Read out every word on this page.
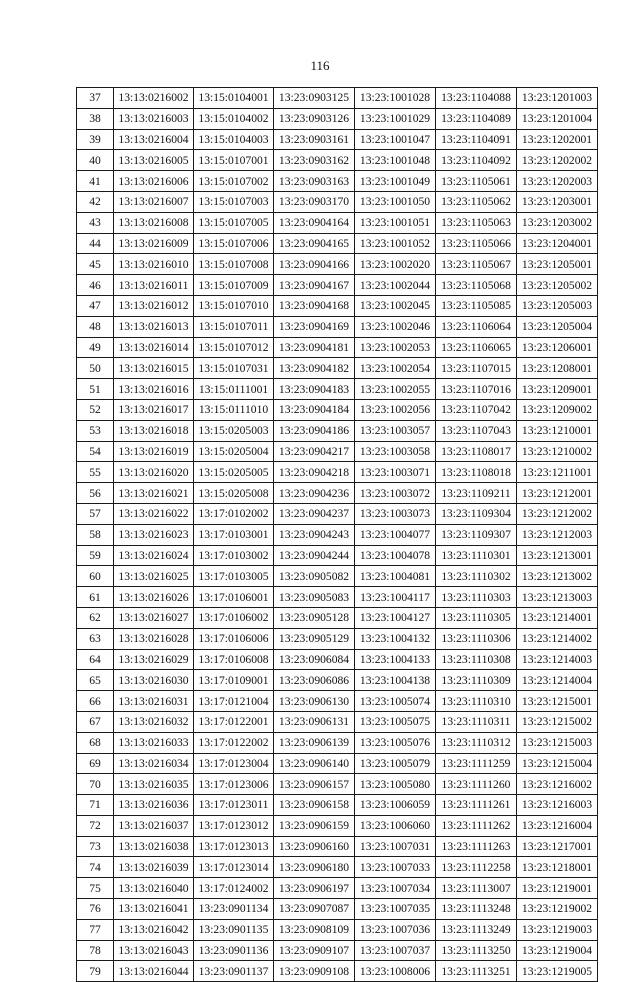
116
37	13:13:0216002	13:15:0104001	13:23:0903125	13:23:1001028	13:23:1104088	13:23:1201003
38	13:13:0216003	13:15:0104002	13:23:0903126	13:23:1001029	13:23:1104089	13:23:1201004
39	13:13:0216004	13:15:0104003	13:23:0903161	13:23:1001047	13:23:1104091	13:23:1202001
40	13:13:0216005	13:15:0107001	13:23:0903162	13:23:1001048	13:23:1104092	13:23:1202002
41	13:13:0216006	13:15:0107002	13:23:0903163	13:23:1001049	13:23:1105061	13:23:1202003
42	13:13:0216007	13:15:0107003	13:23:0903170	13:23:1001050	13:23:1105062	13:23:1203001
43	13:13:0216008	13:15:0107005	13:23:0904164	13:23:1001051	13:23:1105063	13:23:1203002
44	13:13:0216009	13:15:0107006	13:23:0904165	13:23:1001052	13:23:1105066	13:23:1204001
45	13:13:0216010	13:15:0107008	13:23:0904166	13:23:1002020	13:23:1105067	13:23:1205001
46	13:13:0216011	13:15:0107009	13:23:0904167	13:23:1002044	13:23:1105068	13:23:1205002
47	13:13:0216012	13:15:0107010	13:23:0904168	13:23:1002045	13:23:1105085	13:23:1205003
48	13:13:0216013	13:15:0107011	13:23:0904169	13:23:1002046	13:23:1106064	13:23:1205004
49	13:13:0216014	13:15:0107012	13:23:0904181	13:23:1002053	13:23:1106065	13:23:1206001
50	13:13:0216015	13:15:0107031	13:23:0904182	13:23:1002054	13:23:1107015	13:23:1208001
51	13:13:0216016	13:15:0111001	13:23:0904183	13:23:1002055	13:23:1107016	13:23:1209001
52	13:13:0216017	13:15:0111010	13:23:0904184	13:23:1002056	13:23:1107042	13:23:1209002
53	13:13:0216018	13:15:0205003	13:23:0904186	13:23:1003057	13:23:1107043	13:23:1210001
54	13:13:0216019	13:15:0205004	13:23:0904217	13:23:1003058	13:23:1108017	13:23:1210002
55	13:13:0216020	13:15:0205005	13:23:0904218	13:23:1003071	13:23:1108018	13:23:1211001
56	13:13:0216021	13:15:0205008	13:23:0904236	13:23:1003072	13:23:1109211	13:23:1212001
57	13:13:0216022	13:17:0102002	13:23:0904237	13:23:1003073	13:23:1109304	13:23:1212002
58	13:13:0216023	13:17:0103001	13:23:0904243	13:23:1004077	13:23:1109307	13:23:1212003
59	13:13:0216024	13:17:0103002	13:23:0904244	13:23:1004078	13:23:1110301	13:23:1213001
60	13:13:0216025	13:17:0103005	13:23:0905082	13:23:1004081	13:23:1110302	13:23:1213002
61	13:13:0216026	13:17:0106001	13:23:0905083	13:23:1004117	13:23:1110303	13:23:1213003
62	13:13:0216027	13:17:0106002	13:23:0905128	13:23:1004127	13:23:1110305	13:23:1214001
63	13:13:0216028	13:17:0106006	13:23:0905129	13:23:1004132	13:23:1110306	13:23:1214002
64	13:13:0216029	13:17:0106008	13:23:0906084	13:23:1004133	13:23:1110308	13:23:1214003
65	13:13:0216030	13:17:0109001	13:23:0906086	13:23:1004138	13:23:1110309	13:23:1214004
66	13:13:0216031	13:17:0121004	13:23:0906130	13:23:1005074	13:23:1110310	13:23:1215001
67	13:13:0216032	13:17:0122001	13:23:0906131	13:23:1005075	13:23:1110311	13:23:1215002
68	13:13:0216033	13:17:0122002	13:23:0906139	13:23:1005076	13:23:1110312	13:23:1215003
69	13:13:0216034	13:17:0123004	13:23:0906140	13:23:1005079	13:23:1111259	13:23:1215004
70	13:13:0216035	13:17:0123006	13:23:0906157	13:23:1005080	13:23:1111260	13:23:1216002
71	13:13:0216036	13:17:0123011	13:23:0906158	13:23:1006059	13:23:1111261	13:23:1216003
72	13:13:0216037	13:17:0123012	13:23:0906159	13:23:1006060	13:23:1111262	13:23:1216004
73	13:13:0216038	13:17:0123013	13:23:0906160	13:23:1007031	13:23:1111263	13:23:1217001
74	13:13:0216039	13:17:0123014	13:23:0906180	13:23:1007033	13:23:1112258	13:23:1218001
75	13:13:0216040	13:17:0124002	13:23:0906197	13:23:1007034	13:23:1113007	13:23:1219001
76	13:13:0216041	13:23:0901134	13:23:0907087	13:23:1007035	13:23:1113248	13:23:1219002
77	13:13:0216042	13:23:0901135	13:23:0908109	13:23:1007036	13:23:1113249	13:23:1219003
78	13:13:0216043	13:23:0901136	13:23:0909107	13:23:1007037	13:23:1113250	13:23:1219004
79	13:13:0216044	13:23:0901137	13:23:0909108	13:23:1008006	13:23:1113251	13:23:1219005
